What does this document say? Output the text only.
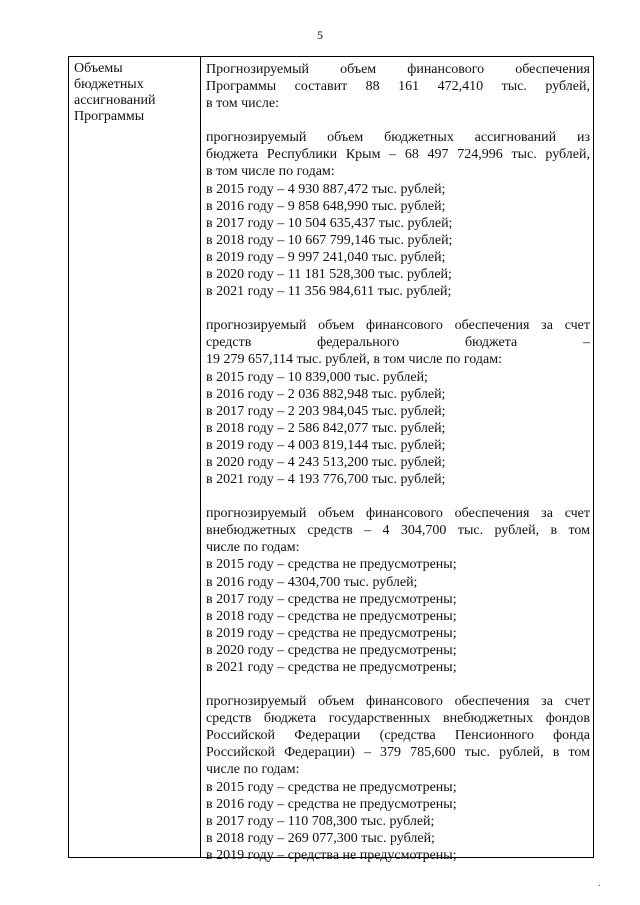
5
Объемы
бюджетных
ассигнований
Программы
Прогнозируемый объем финансового обеспечения
Программы составит 88 161 472,410 тыс. рублей,
в том числе:
прогнозируемый объем бюджетных ассигнований из
бюджета Республики Крым – 68 497 724,996 тыс. рублей,
в том числе по годам:
в 2015 году – 4 930 887,472 тыс. рублей;
в 2016 году – 9 858 648,990 тыс. рублей;
в 2017 году – 10 504 635,437 тыс. рублей;
в 2018 году – 10 667 799,146 тыс. рублей;
в 2019 году – 9 997 241,040 тыс. рублей;
в 2020 году – 11 181 528,300 тыс. рублей;
в 2021 году – 11 356 984,611 тыс. рублей;
прогнозируемый объем финансового обеспечения за счет
средств федерального бюджета –
19 279 657,114 тыс. рублей, в том числе по годам:
в 2015 году – 10 839,000 тыс. рублей;
в 2016 году – 2 036 882,948 тыс. рублей;
в 2017 году – 2 203 984,045 тыс. рублей;
в 2018 году – 2 586 842,077 тыс. рублей;
в 2019 году – 4 003 819,144 тыс. рублей;
в 2020 году – 4 243 513,200 тыс. рублей;
в 2021 году – 4 193 776,700 тыс. рублей;
прогнозируемый объем финансового обеспечения за счет
внебюджетных средств – 4 304,700 тыс. рублей, в том
числе по годам:
в 2015 году – средства не предусмотрены;
в 2016 году – 4304,700 тыс. рублей;
в 2017 году – средства не предусмотрены;
в 2018 году – средства не предусмотрены;
в 2019 году – средства не предусмотрены;
в 2020 году – средства не предусмотрены;
в 2021 году – средства не предусмотрены;
прогнозируемый объем финансового обеспечения за счет
средств бюджета государственных внебюджетных фондов
Российской Федерации (средства Пенсионного фонда
Российской Федерации) – 379 785,600 тыс. рублей, в том
числе по годам:
в 2015 году – средства не предусмотрены;
в 2016 году – средства не предусмотрены;
в 2017 году – 110 708,300 тыс. рублей;
в 2018 году – 269 077,300 тыс. рублей;
в 2019 году – средства не предусмотрены;
.
